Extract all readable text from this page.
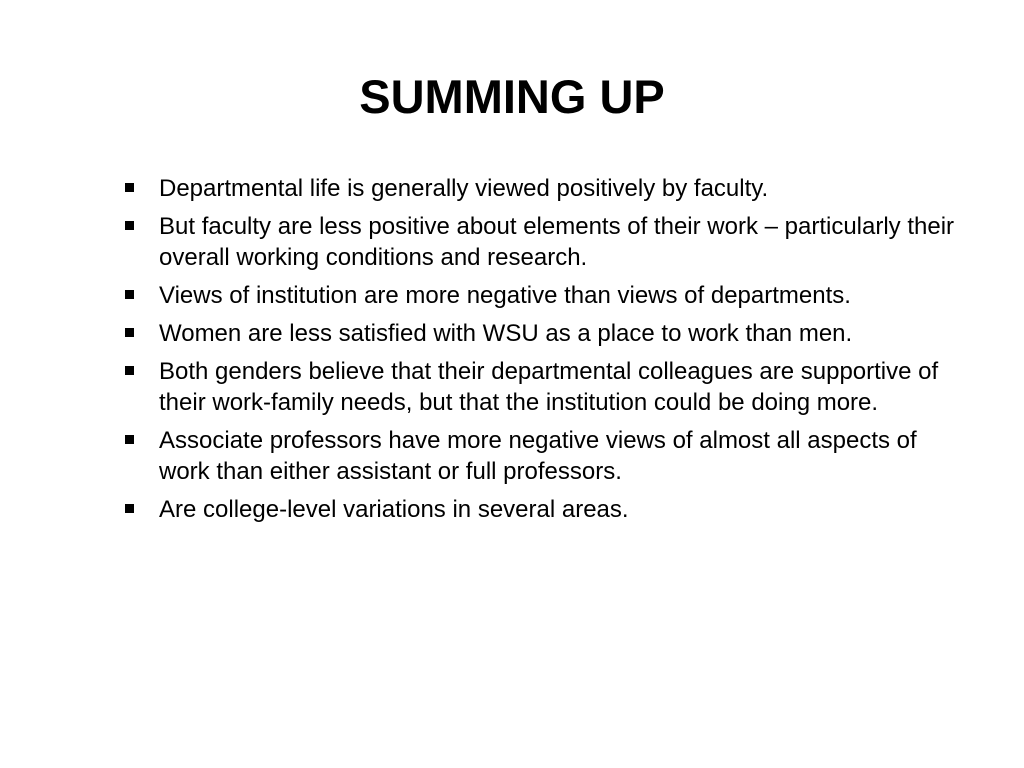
SUMMING UP
Departmental life is generally viewed positively by faculty.
But faculty are less positive about elements of their work – particularly their overall working conditions and research.
Views of institution are more negative than views of departments.
Women are less satisfied with WSU as a place to work than men.
Both genders believe that their departmental colleagues are supportive of their work-family needs, but that the institution could be doing more.
Associate professors have more negative views of almost all aspects of work than either assistant or full professors.
Are college-level variations in several areas.
